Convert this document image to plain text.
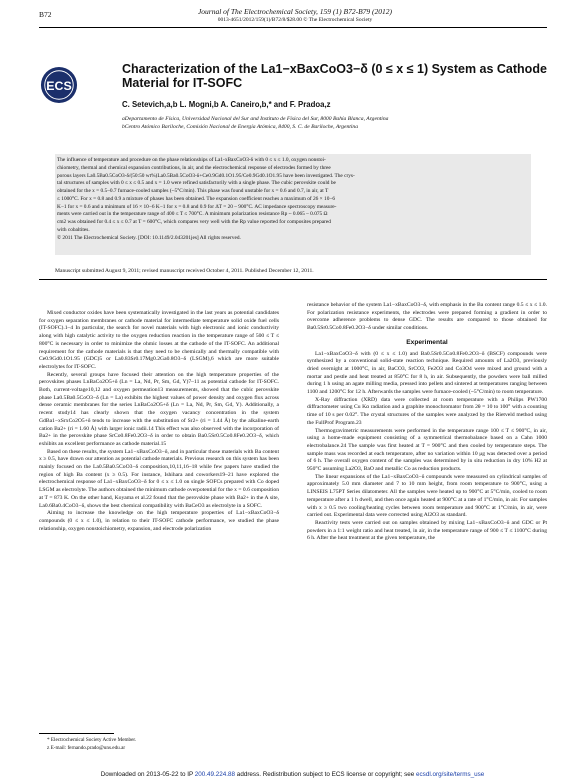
B72	Journal of The Electrochemical Society, 159 (1) B72-B79 (2012)
0013-4651/2012/159(1)/B72/8/$28.00 © The Electrochemical Society
ECS
Characterization of the La1−xBaxCoO3−δ (0 ≤ x ≤ 1) System as Cathode Material for IT-SOFC
C. Setevich,a,b L. Mogni,b A. Caneiro,b,* and F. Pradoa,z
aDepartamento de Física, Universidad Nacional del Sur and Instituto de Física del Sur, 8000 Bahía Blanca, Argentina
bCentro Atómico Bariloche, Comisión Nacional de Energía Atómica, 8400, S. C. de Bariloche, Argentina
The influence of temperature and procedure on the phase relationships of La1-xBaxCoO3-δ with 0 ≤ x ≤ 1.0, oxygen nonstoi-
chiometry, thermal and chemical expansion contributions, in air, and the electrochemical response of electrodes formed by three
porous layers La0.5Ba0.5CoO3-δ/(50:50 wt%)La0.5Ba0.5CoO3-δ+Ce0.9Gd0.1O1.95/Ce0.9Gd0.1O1.95 have been investigated. The crys-
tal structures of samples with 0 ≤ x ≤ 0.5 and x = 1.0 were refined satisfactorily with a single phase. The cubic perovskite could be
obtained for the x = 0.5–0.7 furnace-cooled samples (~5°C/min). This phase was found unstable for x = 0.6 and 0.7, in air, at T
≤ 1000°C. For x = 0.8 and 0.9 a mixture of phases has been obtained. The expansion coefficient reaches a maximum of 26 × 10−6
K−1 for x = 0.6 and a minimum of 16 × 10−6 K−1 for x = 0.8 and 0.9 for ΔT = 20 – 900°C. AC impedance spectroscopy measure-
ments were carried out in the temperature range of 400 ≤ T ≤ 700°C. A minimum polarization resistance Rp ~ 0.065 – 0.075 Ω
cm2 was obtained for 0.4 ≤ x ≤ 0.7 at T = 600°C, which compares very well with the Rp value reported for composites prepared
with cobaltites.
© 2011 The Electrochemical Society. [DOI: 10.1149/2.043201jes] All rights reserved.
Manuscript submitted August 9, 2011; revised manuscript received October 4, 2011. Published December 12, 2011.

Mixed conductor oxides have been systematically investigated in the last years as potential candidates for oxygen separation membranes or cathode material for intermediate temperature solid oxide fuel cells (IT-SOFC).1–4 In particular, the search for novel materials with high electronic and ionic conductivity along with high catalytic activity to the oxygen reduction reaction in the temperature range of 500 ≤ T ≤ 800°C is necessary in order to minimize the ohmic losses at the cathode of the IT-SOFC. An additional requirement for the cathode materials is that they need to be chemically and thermally compatible with Ce0.9Gd0.1O1.95 (GDC)5 or La0.83Sr0.17Mg0.2Ga0.8O3−δ (LSGM),6 which are more suitable electrolytes for IT-SOFC.

Recently, several groups have focused their attention on the high temperature properties of the perovskites phases LnBaCo2O5+δ (Ln = La, Nd, Pr, Sm, Gd, Y)7–11 as potential cathode for IT-SOFC. Both, current-voltage10,12 and oxygen permeation13 measurements, showed that the cubic perovskite phase La0.5Ba0.5CoO3−δ (Ln = La) exhibits the highest values of power density and oxygen flux across dense ceramic membranes for the series LnBaCo2O5+δ (Ln = La, Nd, Pr, Sm, Gd, Y). Additionally, a recent study14 has clearly shown that the oxygen vacancy concentration in the system GdBa1−xSrxCo2O5+δ tends to increase with the substitution of Sr2+ (ri = 1.44 Å) by the alkaline-earth cation Ba2+ (ri = 1.60 Å) with larger ionic radii.14 This effect was also observed with the incorporation of Ba2+ in the perovskite phase SrCo0.8Fe0.2O3−δ in order to obtain Ba0.5Sr0.5Co0.8Fe0.2O3−δ, which exhibits an excellent performance as cathode material.15

Based on these results, the system La1−xBaxCoO3−δ, and in particular those materials with Ba content x ≥ 0.5, have drawn our attention as potential cathode materials. Previous research on this system has been mainly focused on the La0.5Ba0.5CoO3−δ composition,10,11,16–18 while few papers have studied the region of high Ba content (x ≥ 0.5). For instance, Ishihara and coworkers19–21 have explored the electrochemical response of La1−xBaxCoO3−δ for 0 ≤ x ≤ 1.0 on single SOFCs prepared with Co doped LSGM as electrolyte. The authors obtained the minimum cathode overpotential for the x = 0.6 composition at T = 873 K. On the other hand, Koyama et al.22 found that the perovskite phase with Ba2+ in the A site, La0.6Ba0.4CoO3−δ, shows the best chemical compatibility with BaCeO3 as electrolyte in a SOFC.

Aiming to increase the knowledge on the high temperature properties of La1−xBaxCoO3−δ compounds (0 ≤ x ≤ 1.0), in relation to their IT-SOFC cathode performance, we studied the phase relationship, oxygen nonstoichiometry, expansion, and electrode polarization

resistance behavior of the system La1−xBaxCoO3−δ, with emphasis in the Ba content range 0.5 ≤ x ≤ 1.0. For polarization resistance experiments, the electrodes were prepared forming a gradient in order to overcome adherence problems to dense GDC. The results are compared to those obtained for Ba0.5Sr0.5Co0.8Fe0.2O3−δ under similar conditions.

Experimental

La1−xBaxCoO3−δ with (0 ≤ x ≤ 1.0) and Ba0.5Sr0.5Co0.8Fe0.2O3−δ (BSCF) compounds were synthesized by a conventional solid-state reaction technique. Required amounts of La2O3, previously dried overnight at 1000°C, in air, BaCO3, SrCO3, Fe2O3 and Co3O4 were mixed and ground with a mortar and pestle and heat treated at 850°C for 8 h, in air. Subsequently, the powders were ball milled during 1 h using an agate milling media, pressed into pellets and sintered at temperatures ranging between 1100 and 1200°C for 12 h. Afterwards the samples were furnace-cooled (~5°C/min) to room temperature.

X-Ray diffraction (XRD) data were collected at room temperature with a Philips PW1700 diffractometer using Cu Kα radiation and a graphite monochromator from 2θ = 10 to 100° with a counting time of 10 s per 0.02°. The crystal structures of the samples were analyzed by the Rietveld method using the FullProf Program.23

Thermogravimetric measurements were performed in the temperature range 100 ≤ T ≤ 900°C, in air, using a home-made equipment consisting of a symmetrical thermobalance based on a Cahn 1000 electrobalance.24 The sample was first heated at T = 900°C and then cooled by temperature steps. The sample mass was recorded at each temperature, after no variation within 10 μg was detected over a period of 6 h. The overall oxygen content of the samples was determined by in situ reduction in dry 10% H2 at 950°C assuming La2O3, BaO and metallic Co as reduction products.

The linear expansions of the La1−xBaxCoO3−δ compounds were measured on cylindrical samples of approximately 5.0 mm diameter and 7 to 10 mm height, from room temperature to 900°C, using a LINSEIS L75PT Series dilatometer. All the samples were heated up to 900°C at 5°C/min, cooled to room temperature after a 1 h dwell, and then once again heated at 900°C at a rate of 1°C/min, in air. For samples with x ≥ 0.5 two cooling/heating cycles between room temperature and 900°C at 1°C/min, in air, were carried out. Experimental data were corrected using Al2O3 as standard.

Reactivity tests were carried out on samples obtained by mixing La1−xBaxCoO3−δ and GDC or Pt powders in a 1:1 weight ratio and heat treated, in air, in the temperature range of 900 ≤ T ≤ 1100°C during 6 h. After the heat treatment at the given temperature, the

* Electrochemical Society Active Member.
z E-mail: fernando.prado@uns.edu.ar
Downloaded on 2013-05-22 to IP 200.49.224.88 address. Redistribution subject to ECS license or copyright; see ecsdl.org/site/terms_use
